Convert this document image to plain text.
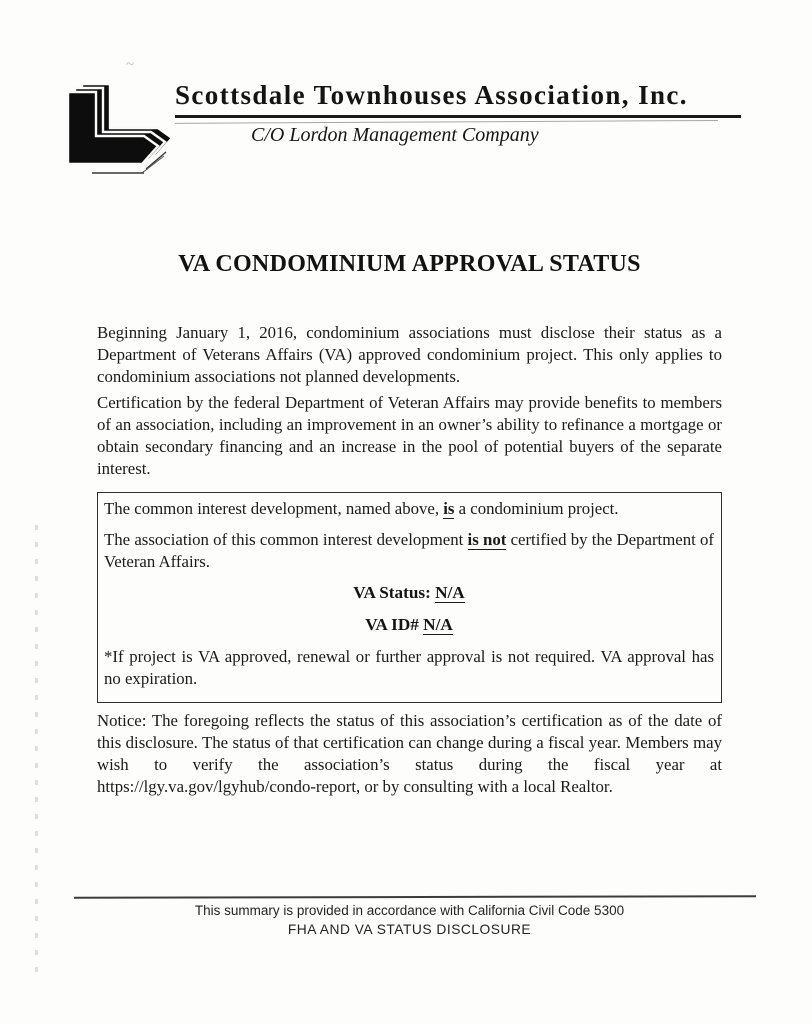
~
Scottsdale Townhouses Association, Inc.
C/O Lordon Management Company
VA CONDOMINIUM APPROVAL STATUS

Beginning January 1, 2016, condominium associations must disclose their status as a Department of Veterans Affairs (VA) approved condominium project. This only applies to condominium associations not planned developments.

Certification by the federal Department of Veteran Affairs may provide benefits to members of an association, including an improvement in an owner’s ability to refinance a mortgage or obtain secondary financing and an increase in the pool of potential buyers of the separate interest.

The common interest development, named above, is a condominium project.

The association of this common interest development is not certified by the Department of Veteran Affairs.

VA Status: N/A

VA ID# N/A

*If project is VA approved, renewal or further approval is not required. VA approval has no expiration.

Notice: The foregoing reflects the status of this association’s certification as of the date of this disclosure. The status of that certification can change during a fiscal year. Members may wish to verify the association’s status during the fiscal year at https://lgy.va.gov/lgyhub/condo-report, or by consulting with a local Realtor.

This summary is provided in accordance with California Civil Code 5300
FHA AND VA STATUS DISCLOSURE
